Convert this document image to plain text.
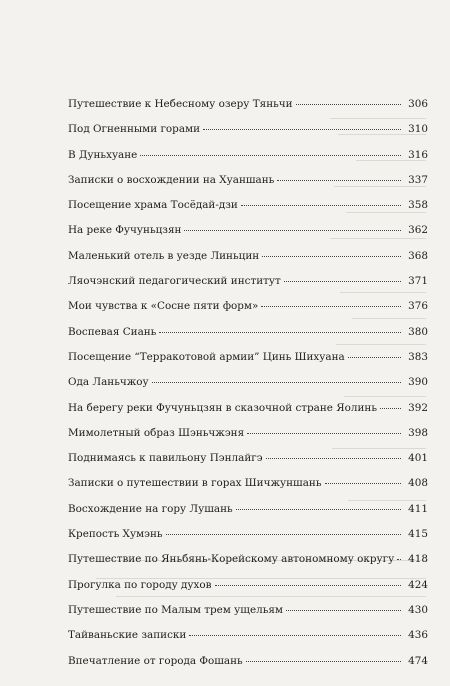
Путешествие к Небесному озеру Тяньчи	306
Под Огненными горами	310
В Дуньхуане	316
Записки о восхождении на Хуаншань	337
Посещение храма Тосёдай-дзи	358
На реке Фучуньцзян	362
Маленький отель в уезде Линьцин	368
Ляочэнский педагогический институт	371
Мои чувства к «Сосне пяти форм»	376
Воспевая Сиань	380
Посещение “Терракотовой армии” Цинь Шихуана	383
Ода Ланьчжоу	390
На берегу реки Фучуньцзян в сказочной стране Яолинь	392
Мимолетный образ Шэньчжэня	398
Поднимаясь к павильону Пэнлайгэ	401
Записки о путешествии в горах Шичжуншань	408
Восхождение на гору Лушань	411
Крепость Хумэнь	415
Путешествие по Яньбянь-Корейскому автономному округу	418
Прогулка по городу духов	424
Путешествие по Малым трем ущельям	430
Тайваньские записки	436
Впечатление от города Фошань	474
